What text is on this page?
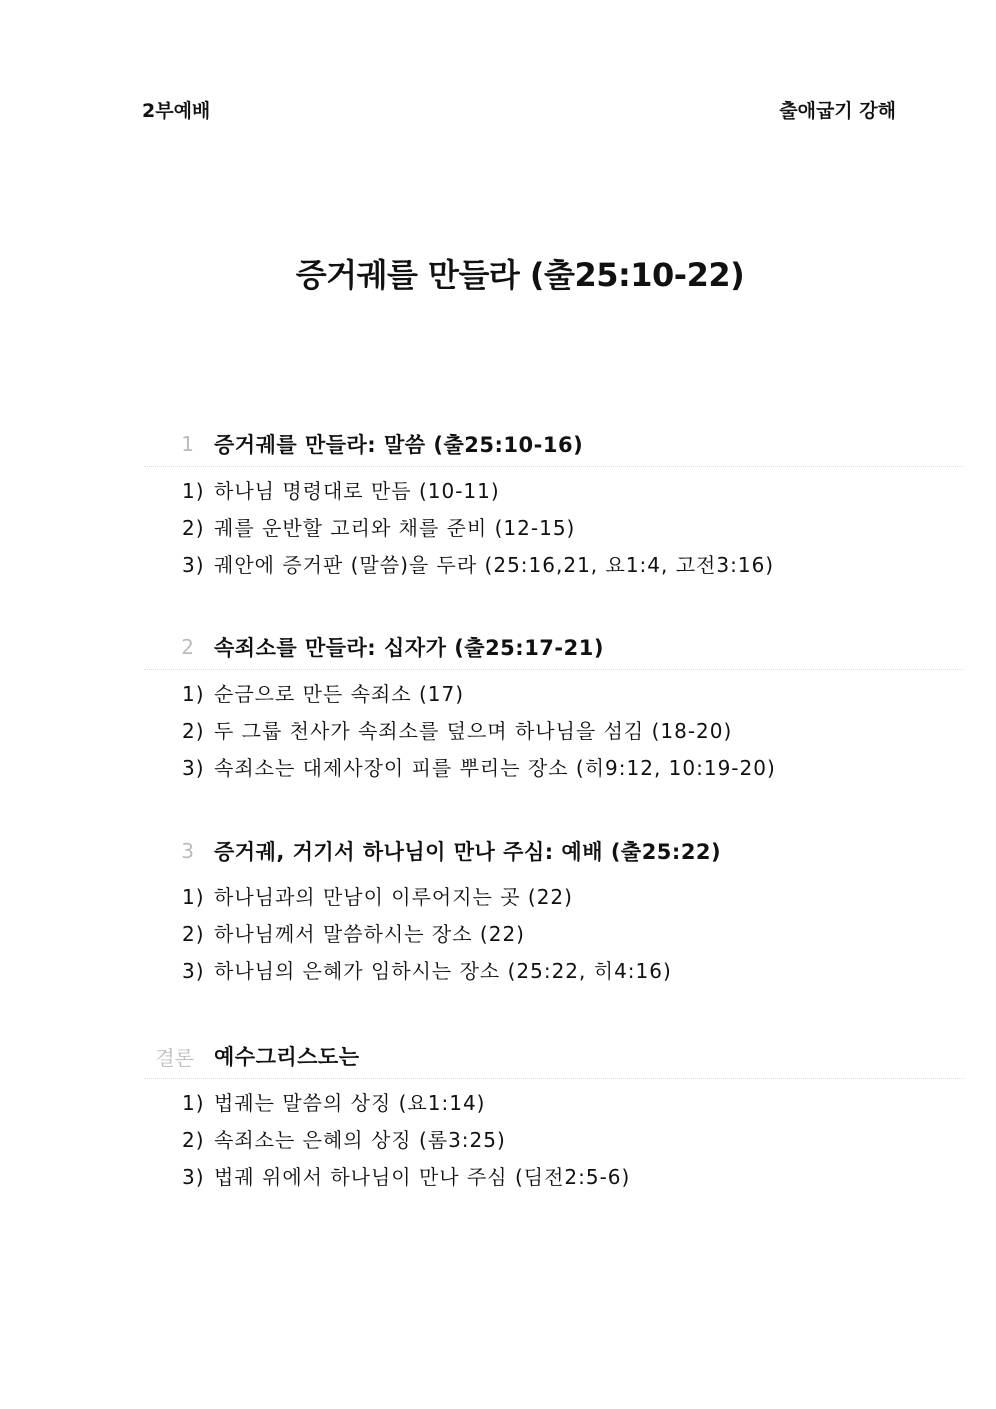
2부예배	출애굽기 강해
증거궤를 만들라 (출25:10-22)
1 증거궤를 만들라: 말씀 (출25:10-16)
1) 하나님 명령대로 만듬 (10-11)
2) 궤를 운반할 고리와 채를 준비 (12-15)
3) 궤안에 증거판 (말씀)을 두라 (25:16,21, 요1:4, 고전3:16)
2 속죄소를 만들라: 십자가 (출25:17-21)
1) 순금으로 만든 속죄소 (17)
2) 두 그룹 천사가 속죄소를 덮으며 하나님을 섬김 (18-20)
3) 속죄소는 대제사장이 피를 뿌리는 장소 (히9:12, 10:19-20)
3 증거궤, 거기서 하나님이 만나 주심: 예배 (출25:22)
1) 하나님과의 만남이 이루어지는 곳 (22)
2) 하나님께서 말씀하시는 장소 (22)
3) 하나님의 은혜가 임하시는 장소 (25:22, 히4:16)
결론 예수그리스도는
1) 법궤는 말씀의 상징 (요1:14)
2) 속죄소는 은혜의 상징 (롬3:25)
3) 법궤 위에서 하나님이 만나 주심 (딤전2:5-6)
